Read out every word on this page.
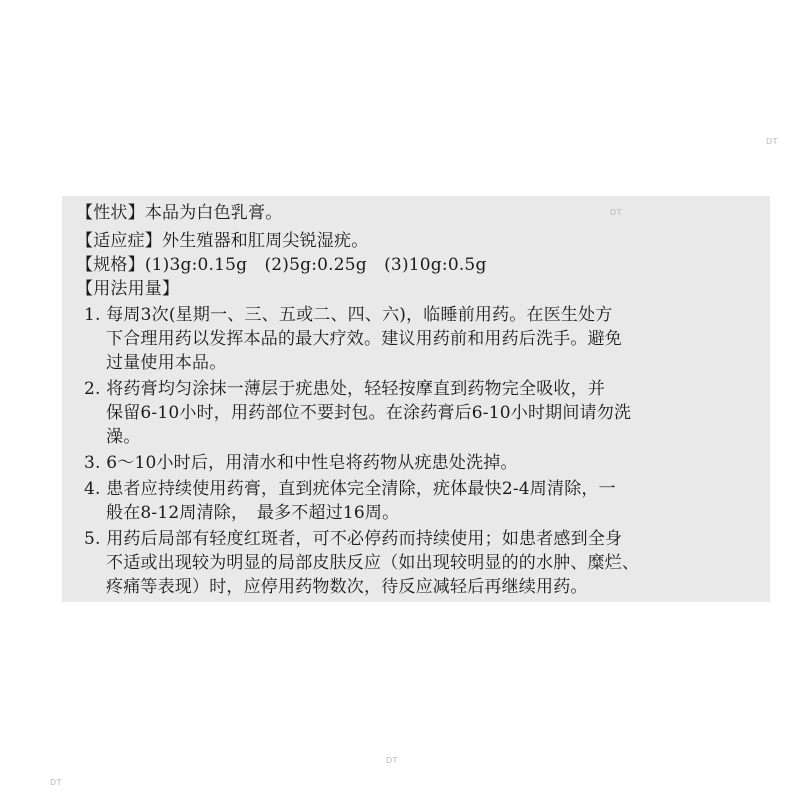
DT
DT
DT
DT
【性状】本品为白色乳膏。
【适应症】外生殖器和肛周尖锐湿疣。
【规格】(1)3g:0.15g　(2)5g:0.25g　(3)10g:0.5g
【用法用量】
1. 每周3次(星期一、三、五或二、四、六)，临睡前用药。在医生处方
下合理用药以发挥本品的最大疗效。建议用药前和用药后洗手。避免
过量使用本品。
2. 将药膏均匀涂抹一薄层于疣患处，轻轻按摩直到药物完全吸收，并
保留6-10小时，用药部位不要封包。在涂药膏后6-10小时期间请勿洗
澡。
3. 6～10小时后，用清水和中性皂将药物从疣患处洗掉。
4. 患者应持续使用药膏，直到疣体完全清除，疣体最快2-4周清除，一
般在8-12周清除，　最多不超过16周。
5. 用药后局部有轻度红斑者，可不必停药而持续使用；如患者感到全身
不适或出现较为明显的局部皮肤反应（如出现较明显的的水肿、糜烂、
疼痛等表现）时，应停用药物数次，待反应减轻后再继续用药。
